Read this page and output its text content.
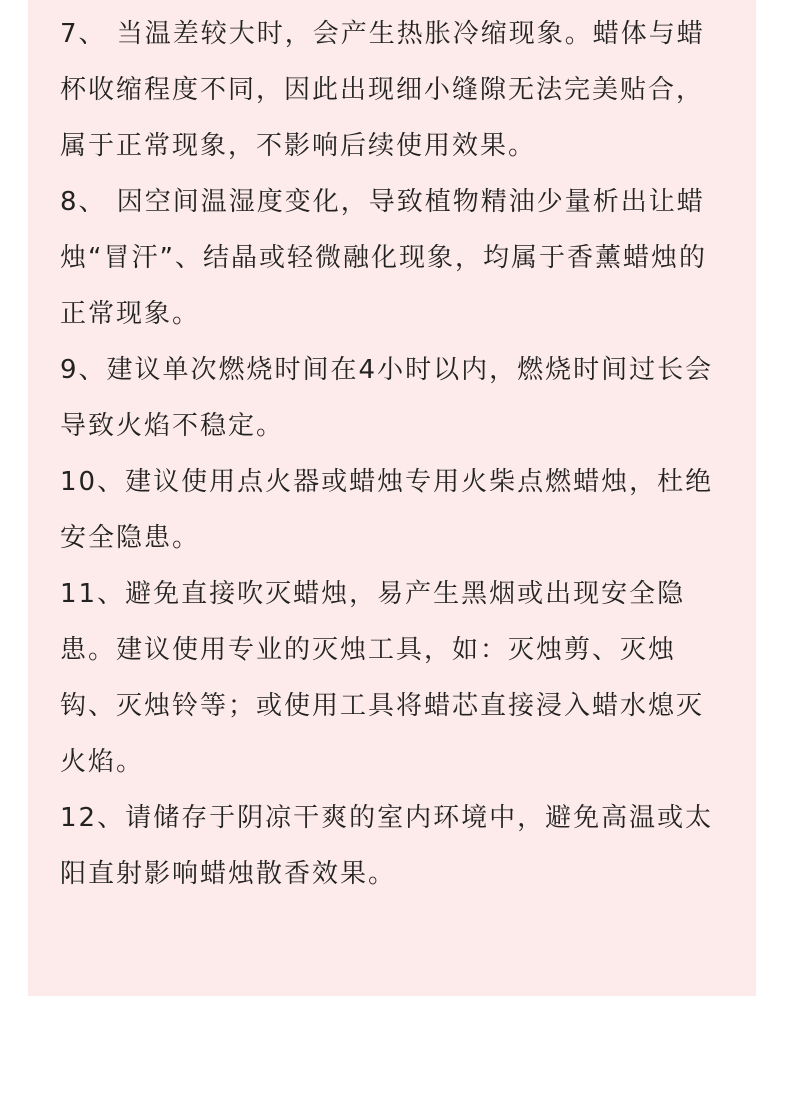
7、 当温差较大时，会产生热胀冷缩现象。蜡体与蜡杯收缩程度不同，因此出现细小缝隙无法完美贴合，属于正常现象，不影响后续使用效果。
8、 因空间温湿度变化，导致植物精油少量析出让蜡烛“冒汗”、结晶或轻微融化现象，均属于香薰蜡烛的正常现象。
9、建议单次燃烧时间在4小时以内，燃烧时间过长会导致火焰不稳定。
10、建议使用点火器或蜡烛专用火柴点燃蜡烛，杜绝安全隐患。
11、避免直接吹灭蜡烛，易产生黑烟或出现安全隐患。建议使用专业的灭烛工具，如：灭烛剪、灭烛钩、灭烛铃等；或使用工具将蜡芯直接浸入蜡水熄灭火焰。
12、请储存于阴凉干爽的室内环境中，避免高温或太阳直射影响蜡烛散香效果。
